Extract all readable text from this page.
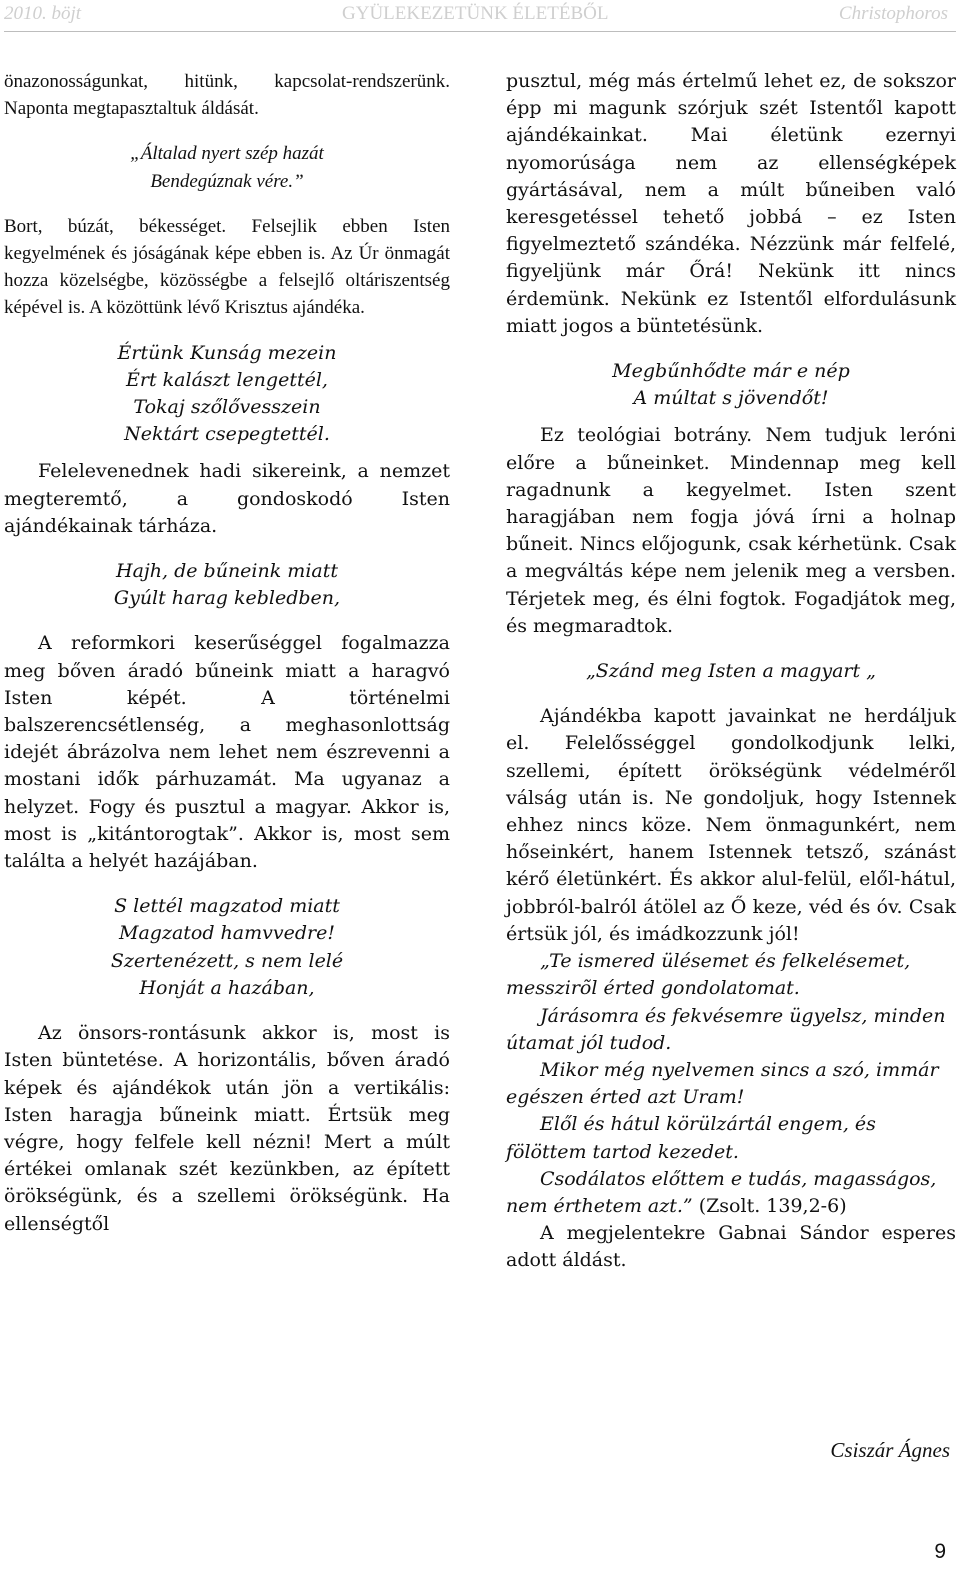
2010. böjt	GYÜLEKEZETÜNK ÉLETÉBŐL	Christophoros

önazonosságunkat, hitünk, kapcsolat-rendszerünk. Naponta megtapasztaltuk áldását.

„Általad nyert szép hazát

Bendegúznak vére.”

Bort, búzát, békességet. Felsejlik ebben Isten kegyelmének és jóságának képe ebben is. Az Úr önmagát hozza közelségbe, közösségbe a felsejlő oltáriszentség képével is. A közöttünk lévő Krisztus ajándéka.

Értünk Kunság mezein

Ért kalászt lengettél,

Tokaj szőlővesszein

Nektárt csepegtettél.

Felelevenednek hadi sikereink, a nemzet megteremtő, a gondoskodó Isten ajándékainak tárháza.

Hajh, de bűneink miatt

Gyúlt harag kebledben,

A reformkori keserűséggel fogalmazza meg bőven áradó bűneink miatt a haragvó Isten képét. A történelmi balszerencsétlenség, a meghasonlottság idejét ábrázolva nem lehet nem észrevenni a mostani idők párhuzamát. Ma ugyanaz a helyzet. Fogy és pusztul a magyar. Akkor is, most is „kitántorogtak”. Akkor is, most sem találta a helyét hazájában.

S lettél magzatod miatt

Magzatod hamvvedre!

Szertenézett, s nem lelé

Honját a hazában,

Az önsors-rontásunk akkor is, most is Isten büntetése. A horizontális, bőven áradó képek és ajándékok után jön a vertikális: Isten haragja bűneink miatt. Értsük meg végre, hogy felfele kell nézni! Mert a múlt értékei omlanak szét kezünkben, az épített örökségünk, és a szellemi örökségünk. Ha ellenségtől

pusztul, még más értelmű lehet ez, de sokszor épp mi magunk szórjuk szét Istentől kapott ajándékainkat. Mai életünk ezernyi nyomorúsága nem az ellenségképek gyártásával, nem a múlt bűneiben való keresgetéssel tehető jobbá – ez Isten figyelmeztető szándéka. Nézzünk már felfelé, figyeljünk már Őrá! Nekünk itt nincs érdemünk. Nekünk ez Istentől elfordulásunk miatt jogos a büntetésünk.

Megbűnhődte már e nép

A múltat s jövendőt!

Ez teológiai botrány. Nem tudjuk leróni előre a bűneinket. Mindennap meg kell ragadnunk a kegyelmet. Isten szent haragjában nem fogja jóvá írni a holnap bűneit. Nincs előjogunk, csak kérhetünk. Csak a megváltás képe nem jelenik meg a versben. Térjetek meg, és élni fogtok. Fogadjátok meg, és megmaradtok.

„Szánd meg Isten a magyart „

Ajándékba kapott javainkat ne herdáljuk el. Felelősséggel gondolkodjunk lelki, szellemi, épített örökségünk védelméről válság után is. Ne gondoljuk, hogy Istennek ehhez nincs köze. Nem önmagunkért, nem hőseinkért, hanem Istennek tetsző, szánást kérő életünkért. És akkor alul-felül, elől-hátul, jobbról-balról átölel az Ő keze, véd és óv. Csak értsük jól, és imádkozzunk jól!

„Te ismered ülésemet és felkelésemet, messzirõl érted gondolatomat.

Járásomra és fekvésemre ügyelsz, minden útamat jól tudod.

Mikor még nyelvemen sincs a szó, immár egészen érted azt Uram!

Elől és hátul körülzártál engem, és fölöttem tartod kezedet.

Csodálatos előttem e tudás, magasságos, nem érthetem azt.” (Zsolt. 139,2-6)

A megjelentekre Gabnai Sándor esperes adott áldást.

Csiszár Ágnes
9
